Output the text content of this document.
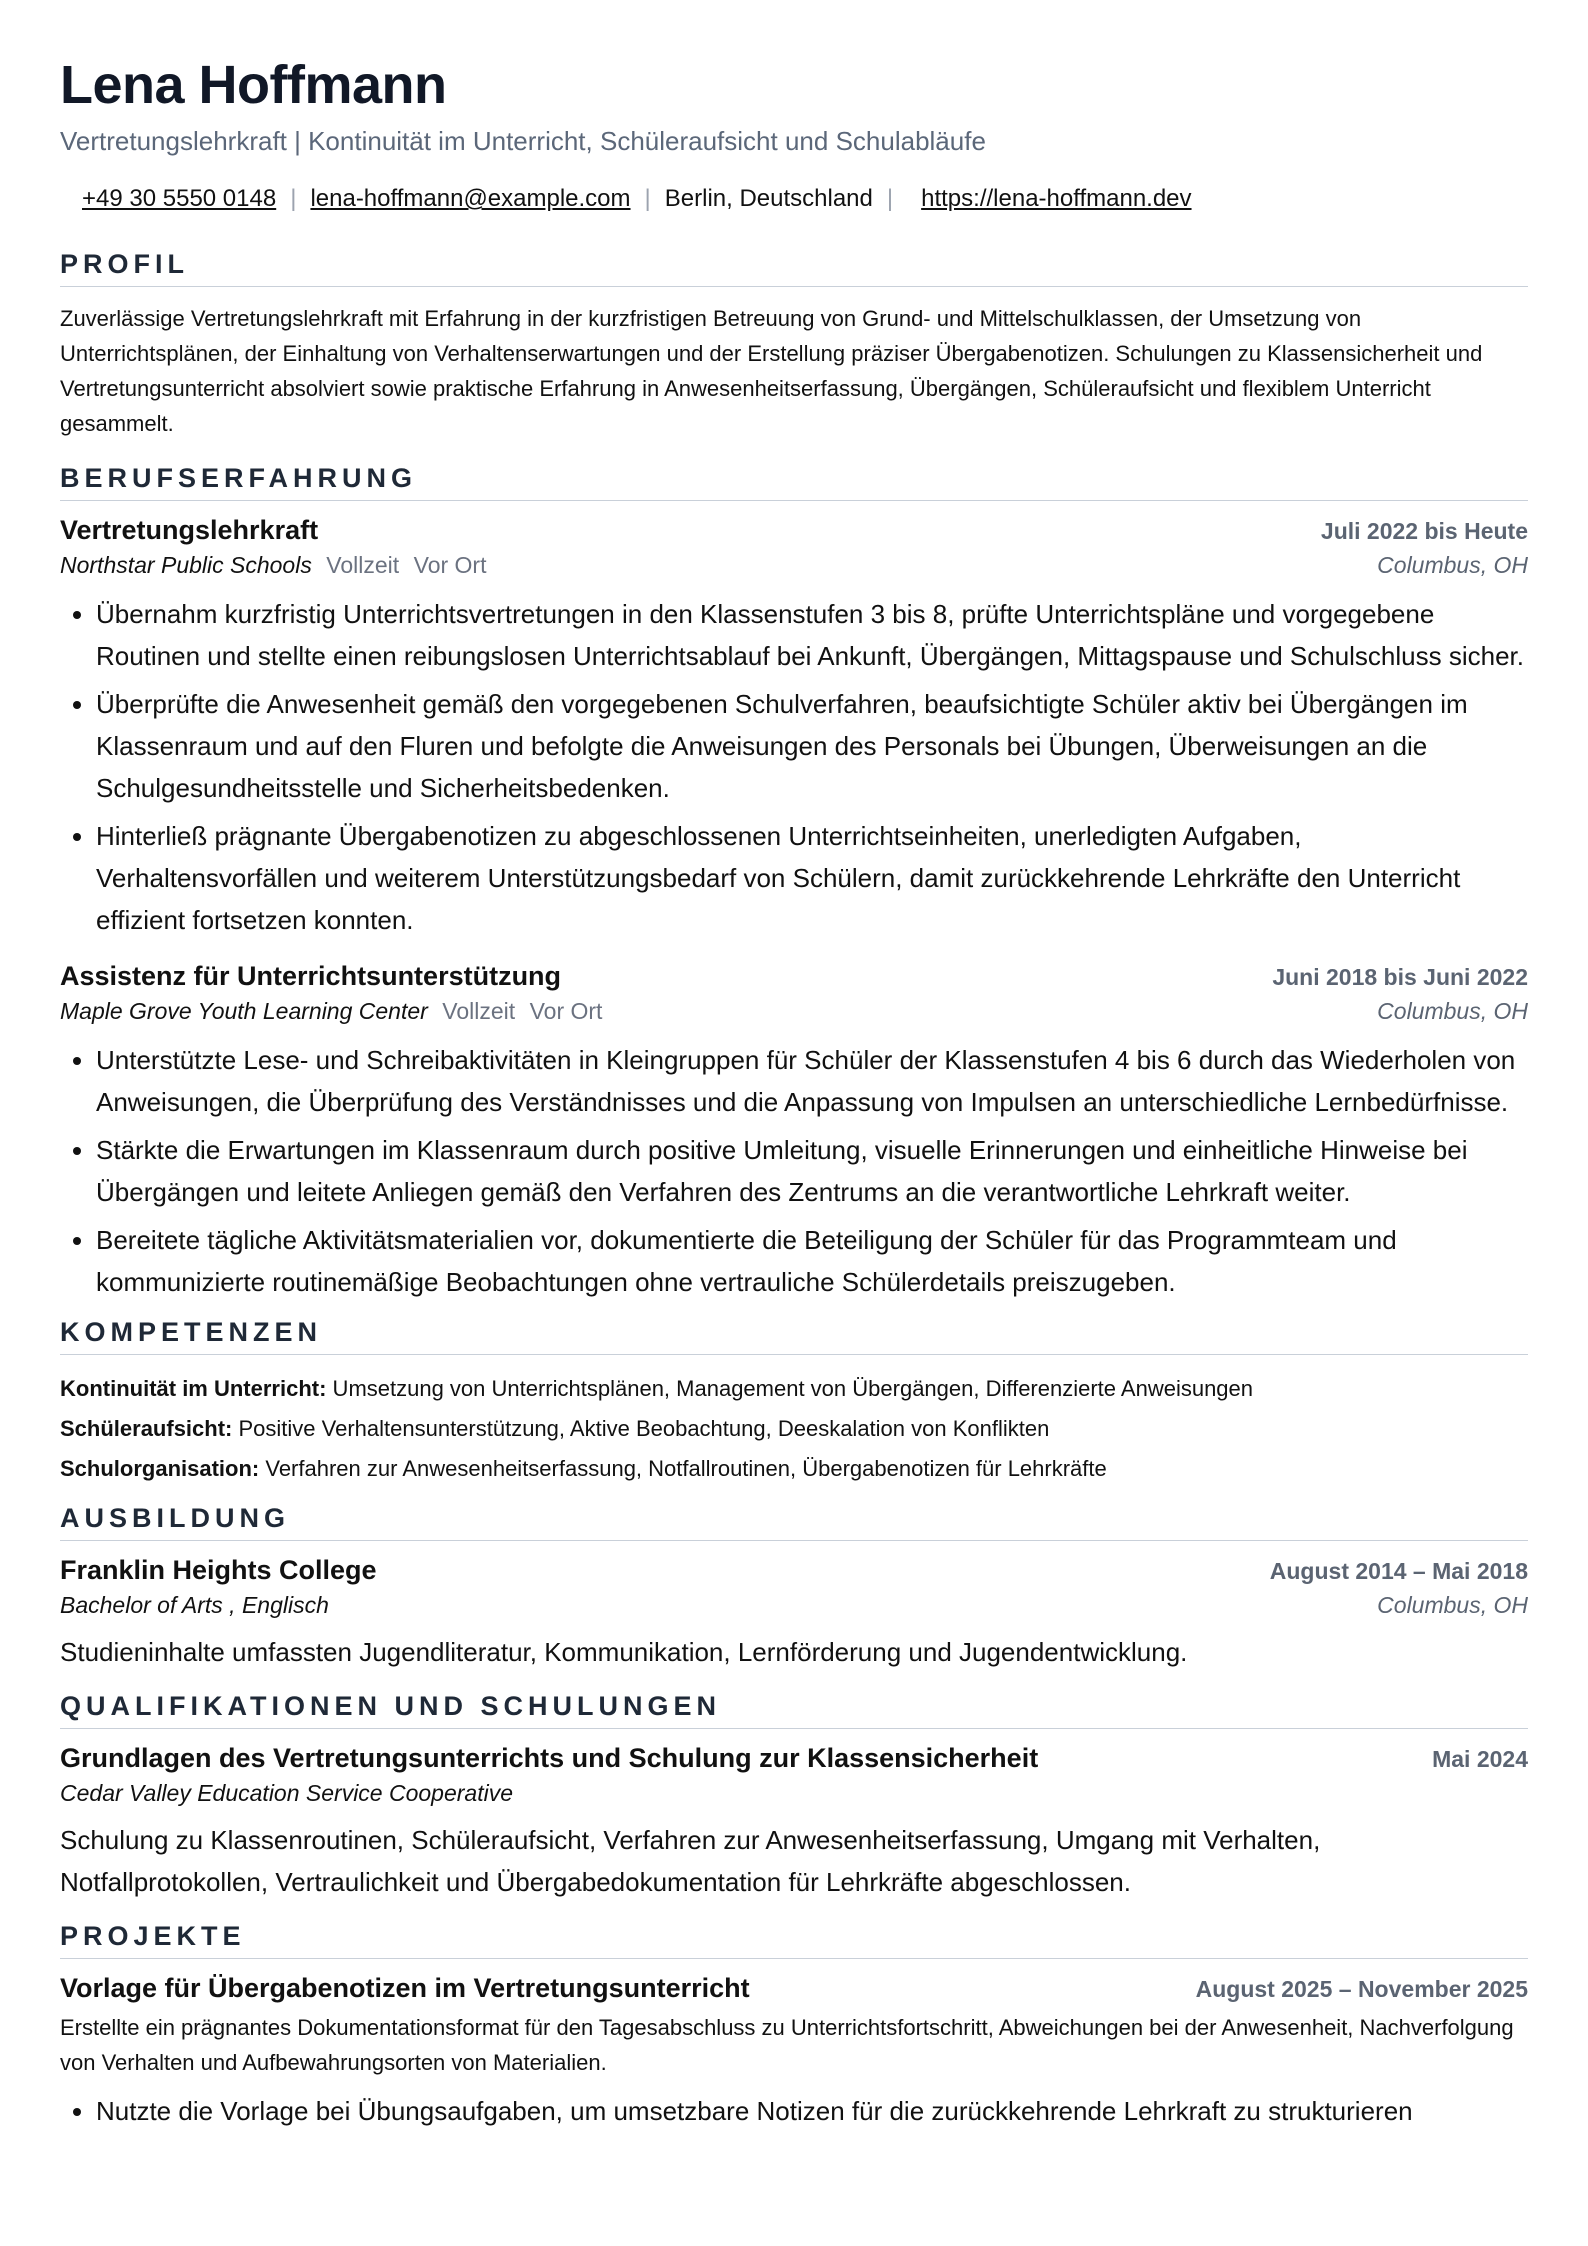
Lena Hoffmann
Vertretungslehrkraft | Kontinuität im Unterricht, Schüleraufsicht und Schulabläufe
+49 30 5550 0148 | lena-hoffmann@example.com | Berlin, Deutschland | https://lena-hoffmann.dev
PROFIL
Zuverlässige Vertretungslehrkraft mit Erfahrung in der kurzfristigen Betreuung von Grund- und Mittelschulklassen, der Umsetzung von Unterrichtsplänen, der Einhaltung von Verhaltenserwartungen und der Erstellung präziser Übergabenotizen. Schulungen zu Klassensicherheit und Vertretungsunterricht absolviert sowie praktische Erfahrung in Anwesenheitserfassung, Übergängen, Schüleraufsicht und flexiblem Unterricht gesammelt.
BERUFSERFAHRUNG
Vertretungslehrkraft	Juli 2022 bis Heute
Northstar Public Schools Vollzeit Vor Ort	Columbus, OH
• Übernahm kurzfristig Unterrichtsvertretungen in den Klassenstufen 3 bis 8, prüfte Unterrichtspläne und vorgegebene Routinen und stellte einen reibungslosen Unterrichtsablauf bei Ankunft, Übergängen, Mittagspause und Schulschluss sicher.
• Überprüfte die Anwesenheit gemäß den vorgegebenen Schulverfahren, beaufsichtigte Schüler aktiv bei Übergängen im Klassenraum und auf den Fluren und befolgte die Anweisungen des Personals bei Übungen, Überweisungen an die Schulgesundheitsstelle und Sicherheitsbedenken.
• Hinterließ prägnante Übergabenotizen zu abgeschlossenen Unterrichtseinheiten, unerledigten Aufgaben, Verhaltensvorfällen und weiterem Unterstützungsbedarf von Schülern, damit zurückkehrende Lehrkräfte den Unterricht effizient fortsetzen konnten.
Assistenz für Unterrichtsunterstützung	Juni 2018 bis Juni 2022
Maple Grove Youth Learning Center Vollzeit Vor Ort	Columbus, OH
• Unterstützte Lese- und Schreibaktivitäten in Kleingruppen für Schüler der Klassenstufen 4 bis 6 durch das Wiederholen von Anweisungen, die Überprüfung des Verständnisses und die Anpassung von Impulsen an unterschiedliche Lernbedürfnisse.
• Stärkte die Erwartungen im Klassenraum durch positive Umleitung, visuelle Erinnerungen und einheitliche Hinweise bei Übergängen und leitete Anliegen gemäß den Verfahren des Zentrums an die verantwortliche Lehrkraft weiter.
• Bereitete tägliche Aktivitätsmaterialien vor, dokumentierte die Beteiligung der Schüler für das Programmteam und kommunizierte routinemäßige Beobachtungen ohne vertrauliche Schülerdetails preiszugeben.
KOMPETENZEN
Kontinuität im Unterricht: Umsetzung von Unterrichtsplänen, Management von Übergängen, Differenzierte Anweisungen
Schüleraufsicht: Positive Verhaltensunterstützung, Aktive Beobachtung, Deeskalation von Konflikten
Schulorganisation: Verfahren zur Anwesenheitserfassung, Notfallroutinen, Übergabenotizen für Lehrkräfte
AUSBILDUNG
Franklin Heights College	August 2014 – Mai 2018
Bachelor of Arts , Englisch	Columbus, OH
Studieninhalte umfassten Jugendliteratur, Kommunikation, Lernförderung und Jugendentwicklung.
QUALIFIKATIONEN UND SCHULUNGEN
Grundlagen des Vertretungsunterrichts und Schulung zur Klassensicherheit	Mai 2024
Cedar Valley Education Service Cooperative
Schulung zu Klassenroutinen, Schüleraufsicht, Verfahren zur Anwesenheitserfassung, Umgang mit Verhalten, Notfallprotokollen, Vertraulichkeit und Übergabedokumentation für Lehrkräfte abgeschlossen.
PROJEKTE
Vorlage für Übergabenotizen im Vertretungsunterricht	August 2025 – November 2025
Erstellte ein prägnantes Dokumentationsformat für den Tagesabschluss zu Unterrichtsfortschritt, Abweichungen bei der Anwesenheit, Nachverfolgung von Verhalten und Aufbewahrungsorten von Materialien.
• Nutzte die Vorlage bei Übungsaufgaben, um umsetzbare Notizen für die zurückkehrende Lehrkraft zu strukturieren
